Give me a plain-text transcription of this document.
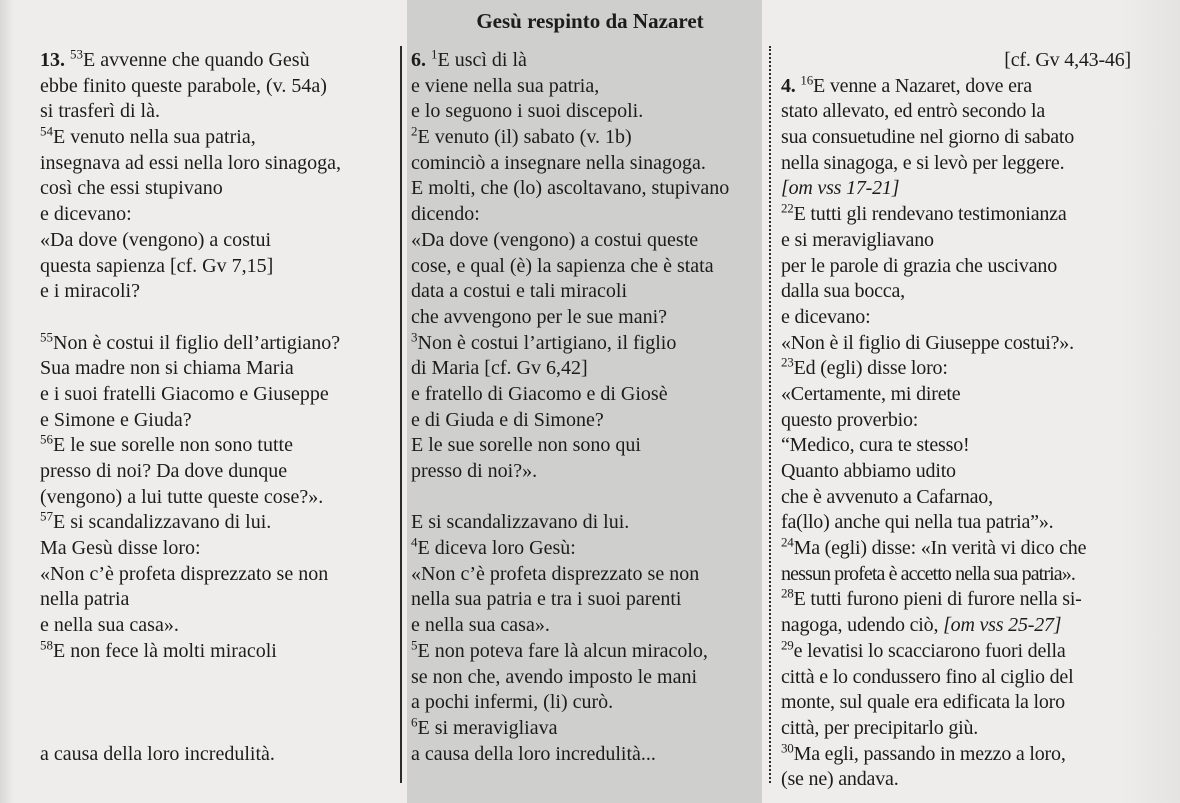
Gesù respinto da Nazaret
13. $^{53}$E avvenne che quando Gesù
ebbe finito queste parabole, (v. 54a)
si trasferì di là.
$^{54}$E venuto nella sua patria,
insegnava ad essi nella loro sinagoga,
così che essi stupivano
e dicevano:
«Da dove (vengono) a costui
questa sapienza [cf. Gv 7,15]
e i miracoli?
$^{55}$Non è costui il figlio dell’artigiano?
Sua madre non si chiama Maria
e i suoi fratelli Giacomo e Giuseppe
e Simone e Giuda?
$^{56}$E le sue sorelle non sono tutte
presso di noi? Da dove dunque
(vengono) a lui tutte queste cose?».
$^{57}$E si scandalizzavano di lui.
Ma Gesù disse loro:
«Non c’è profeta disprezzato se non
nella patria
e nella sua casa».
$^{58}$E non fece là molti miracoli
a causa della loro incredulità.
6. $^1$E uscì di là
e viene nella sua patria,
e lo seguono i suoi discepoli.
$^2$E venuto (il) sabato (v. 1b)
cominciò a insegnare nella sinagoga.
E molti, che (lo) ascoltavano, stupivano
dicendo:
«Da dove (vengono) a costui queste
cose, e qual (è) la sapienza che è stata
data a costui e tali miracoli
che avvengono per le sue mani?
$^3$Non è costui l’artigiano, il figlio
di Maria [cf. Gv 6,42]
e fratello di Giacomo e di Giosè
e di Giuda e di Simone?
E le sue sorelle non sono qui
presso di noi?».
E si scandalizzavano di lui.
$^4$E diceva loro Gesù:
«Non c’è profeta disprezzato se non
nella sua patria e tra i suoi parenti
e nella sua casa».
$^5$E non poteva fare là alcun miracolo,
se non che, avendo imposto le mani
a pochi infermi, (li) curò.
$^6$E si meravigliava
a causa della loro incredulità...
[cf. Gv 4,43-46]
4. $^{16}$E venne a Nazaret, dove era
stato allevato, ed entrò secondo la
sua consuetudine nel giorno di sabato
nella sinagoga, e si levò per leggere.
[om vss 17-21]
$^{22}$E tutti gli rendevano testimonianza
e si meravigliavano
per le parole di grazia che uscivano
dalla sua bocca,
e dicevano:
«Non è il figlio di Giuseppe costui?».
$^{23}$Ed (egli) disse loro:
«Certamente, mi direte
questo proverbio:
“Medico, cura te stesso!
Quanto abbiamo udito
che è avvenuto a Cafarnao,
fa(llo) anche qui nella tua patria”».
$^{24}$Ma (egli) disse: «In verità vi dico che
nessun profeta è accetto nella sua patria».
$^{28}$E tutti furono pieni di furore nella si-
nagoga, udendo ciò, [om vss 25-27]
$^{29}$e levatisi lo scacciarono fuori della
città e lo condussero fino al ciglio del
monte, sul quale era edificata la loro
città, per precipitarlo giù.
$^{30}$Ma egli, passando in mezzo a loro,
(se ne) andava.
